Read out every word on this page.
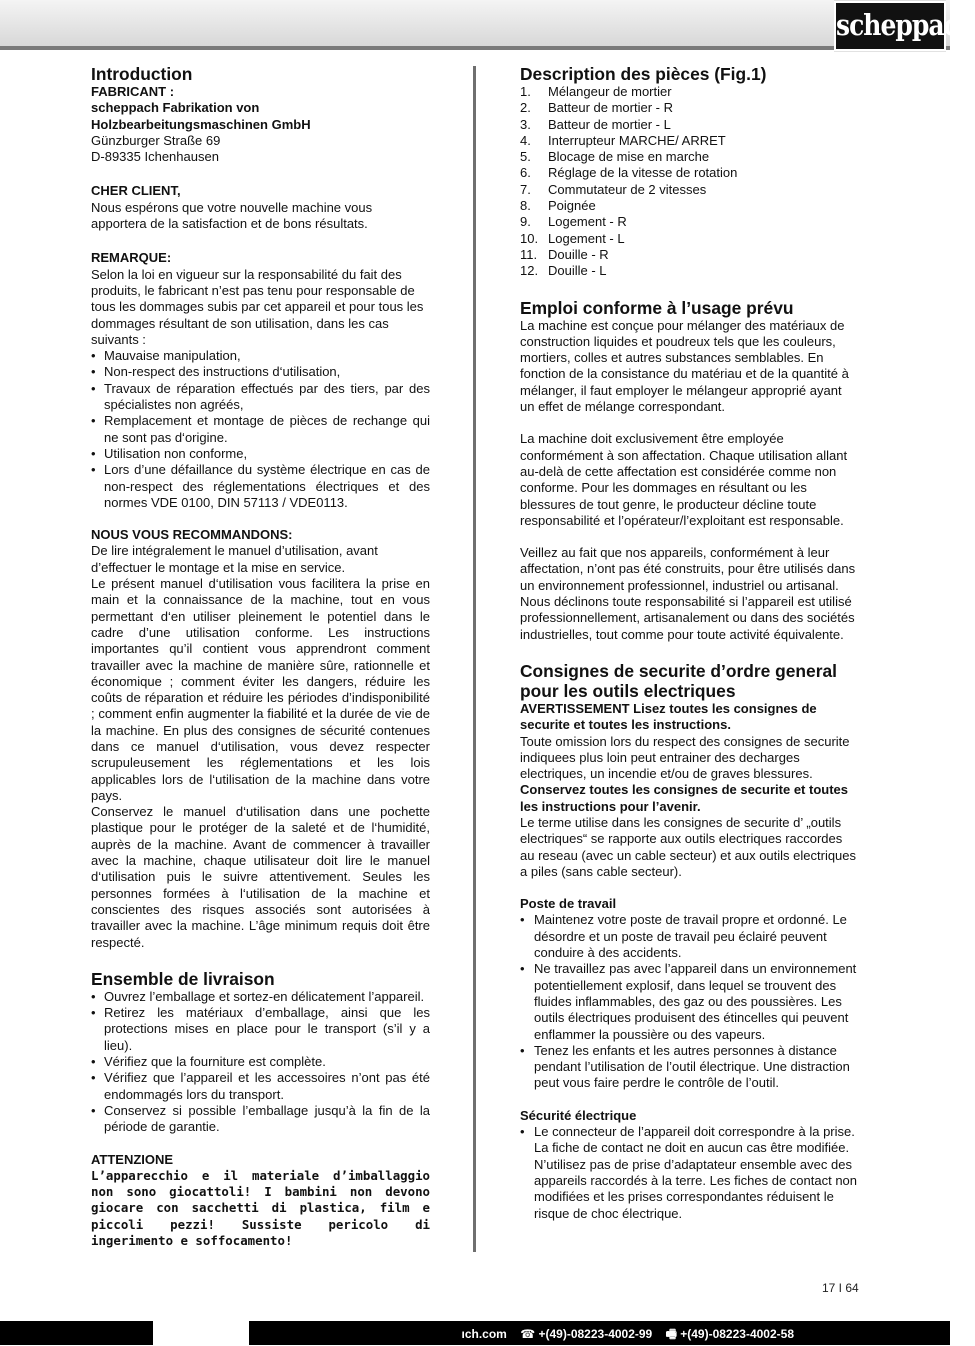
scheppach
Introduction

FABRICANT :

scheppach Fabrikation von Holzbearbeitungsmaschinen GmbH

Günzburger Straße 69

D-89335 Ichenhausen

CHER CLIENT,

Nous espérons que votre nouvelle machine vous apportera de la satisfaction et de bons résultats.

REMARQUE:

Selon la loi en vigueur sur la responsabilité du fait des produits, le fabricant n’est pas tenu pour responsable de tous les dommages subis par cet appareil et pour tous les dommages résultant de son utilisation, dans les cas suivants :

• Mauvaise manipulation,
• Non-respect des instructions d‘utilisation,
• Travaux de réparation effectués par des tiers, par des spécialistes non agréés,
• Remplacement et montage de pièces de rechange qui ne sont pas d‘origine.
• Utilisation non conforme,
• Lors d’une défaillance du système électrique en cas de non-respect des réglementations électriques et des normes VDE 0100, DIN 57113 / VDE0113.

NOUS VOUS RECOMMANDONS:

De lire intégralement le manuel d’utilisation, avant d’effectuer le montage et la mise en service.

Le présent manuel d‘utilisation vous facilitera la prise en main et la connaissance de la machine, tout en vous permettant d‘en utiliser pleinement le potentiel dans le cadre d’une utilisation conforme. Les instructions importantes qu’il contient vous apprendront comment travailler avec la machine de manière sûre, rationnelle et économique ; comment éviter les dangers, réduire les coûts de réparation et réduire les périodes d’indisponibilité ; comment enfin augmenter la fiabilité et la durée de vie de la machine. En plus des consignes de sécurité contenues dans ce manuel d‘utilisation, vous devez respecter scrupuleusement les réglementations et les lois applicables lors de l‘utilisation de la machine dans votre pays.

Conservez le manuel d‘utilisation dans une pochette plastique pour le protéger de la saleté et de l‘humidité, auprès de la machine. Avant de commencer à travailler avec la machine, chaque utilisateur doit lire le manuel d‘utilisation puis le suivre attentivement. Seules les personnes formées à l‘utilisation de la machine et conscientes des risques associés sont autorisées à travailler avec la machine. L’âge minimum requis doit être respecté.

Ensemble de livraison
• Ouvrez l’emballage et sortez-en délicatement l’appareil.
• Retirez les matériaux d’emballage, ainsi que les protections mises en place pour le transport (s’il y a lieu).
• Vérifiez que la fourniture est complète.
• Vérifiez que l’appareil et les accessoires n’ont pas été endommagés lors du transport.
• Conservez si possible l’emballage jusqu’à la fin de la période de garantie.

ATTENZIONE

L’apparecchio e il materiale d’imballaggio non sono giocattoli! I bambini non devono giocare con sacchetti di plastica, film e piccoli pezzi! Sussiste pericolo di ingerimento e soffocamento!

Description des pièces (Fig.1)
1. Mélangeur de mortier
2. Batteur de mortier - R
3. Batteur de mortier - L
4. Interrupteur MARCHE/ ARRET
5. Blocage de mise en marche
6. Réglage de la vitesse de rotation
7. Commutateur de 2 vitesses
8. Poignée
9. Logement - R
10. Logement - L
11. Douille - R
12. Douille - L
Emploi conforme à l’usage prévu

La machine est conçue pour mélanger des matériaux de construction liquides et poudreux tels que les couleurs, mortiers, colles et autres substances semblables. En fonction de la consistance du matériau et de la quantité à mélanger, il faut employer le mélangeur approprié ayant un effet de mélange correspondant.

La machine doit exclusivement être employée conformément à son affectation. Chaque utilisation allant au-delà de cette affectation est considérée comme non conforme. Pour les dommages en résultant ou les blessures de tout genre, le producteur décline toute responsabilité et l’opérateur/l’exploitant est responsable.

Veillez au fait que nos appareils, conformément à leur affectation, n’ont pas été construits, pour être utilisés dans un environnement professionnel, industriel ou artisanal. Nous déclinons toute responsabilité si l’appareil est utilisé professionnellement, artisanalement ou dans des sociétés industrielles, tout comme pour toute activité équivalente.

Consignes de securite d’ordre general pour les outils electriques

AVERTISSEMENT Lisez toutes les consignes de securite et toutes les instructions.

Toute omission lors du respect des consignes de securite indiquees plus loin peut entrainer des decharges electriques, un incendie et/ou de graves blessures.

Conservez toutes les consignes de securite et toutes les instructions pour l’avenir.

Le terme utilise dans les consignes de securite d’ „outils electriques“ se rapporte aux outils electriques raccordes au reseau (avec un cable secteur) et aux outils electriques a piles (sans cable secteur).

Poste de travail

• Maintenez votre poste de travail propre et ordonné. Le désordre et un poste de travail peu éclairé peuvent conduire à des accidents.
• Ne travaillez pas avec l’appareil dans un environnement potentiellement explosif, dans lequel se trouvent des fluides inflammables, des gaz ou des poussières. Les outils électriques produisent des étincelles qui peuvent enflammer la poussière ou des vapeurs.
• Tenez les enfants et les autres personnes à distance pendant l’utilisation de l’outil électrique. Une distraction peut vous faire perdre le contrôle de l’outil.

Sécurité électrique

• Le connecteur de l’appareil doit correspondre à la prise. La fiche de contact ne doit en aucun cas être modifiée. N’utilisez pas de prise d’adaptateur ensemble avec des appareils raccordés à la terre. Les fiches de contact non modifiées et les prises correspondantes réduisent le risque de choc électrique.
17 I 64
ıch.com ☎ +(49)-08223-4002-99 🖷 +(49)-08223-4002-58
